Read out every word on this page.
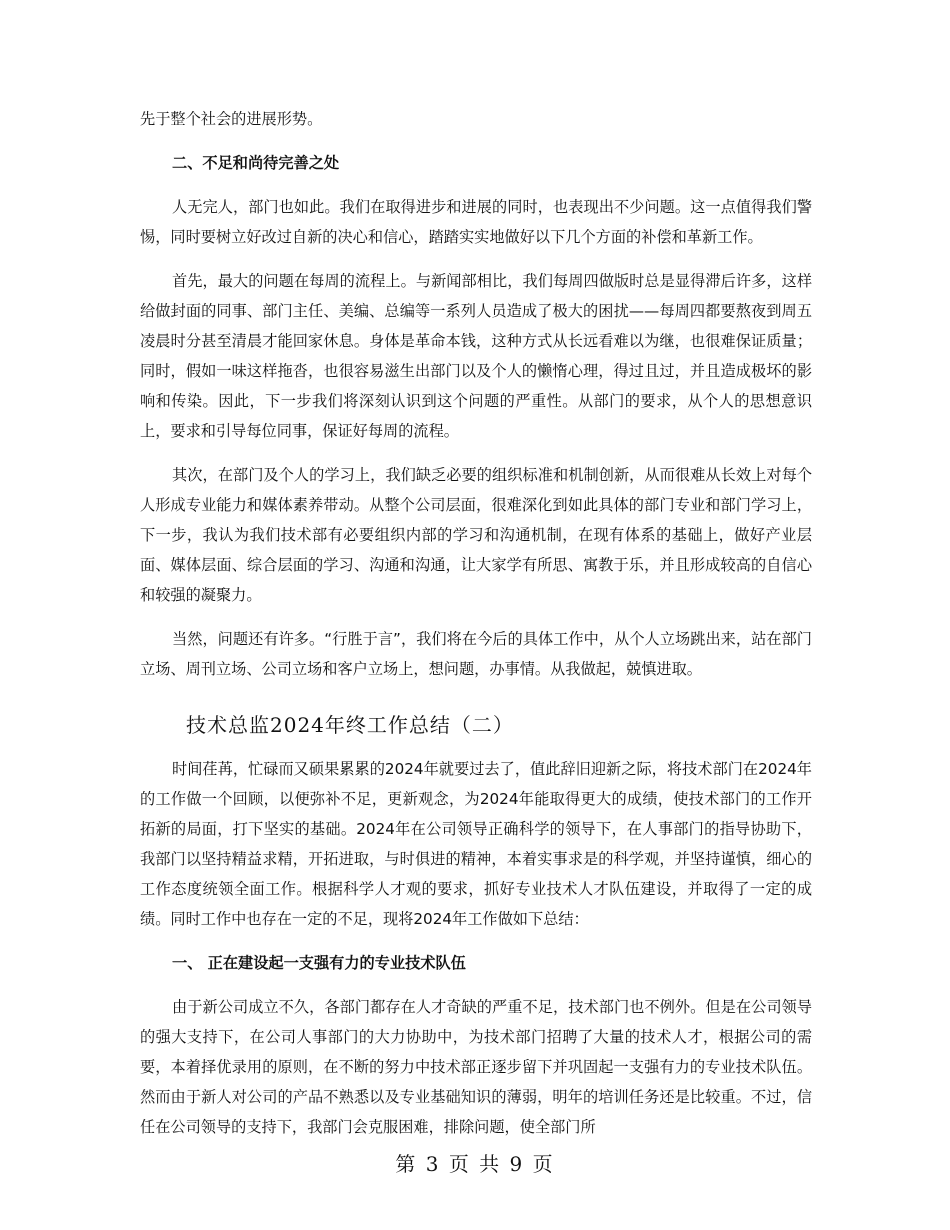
先于整个社会的进展形势。

二、不足和尚待完善之处

人无完人，部门也如此。我们在取得进步和进展的同时，也表现出不少问题。这一点值得我们警惕，同时要树立好改过自新的决心和信心，踏踏实实地做好以下几个方面的补偿和革新工作。

首先，最大的问题在每周的流程上。与新闻部相比，我们每周四做版时总是显得滞后许多，这样给做封面的同事、部门主任、美编、总编等一系列人员造成了极大的困扰——每周四都要熬夜到周五凌晨时分甚至清晨才能回家休息。身体是革命本钱，这种方式从长远看难以为继，也很难保证质量；同时，假如一味这样拖沓，也很容易滋生出部门以及个人的懒惰心理，得过且过，并且造成极坏的影响和传染。因此，下一步我们将深刻认识到这个问题的严重性。从部门的要求，从个人的思想意识上，要求和引导每位同事，保证好每周的流程。

其次，在部门及个人的学习上，我们缺乏必要的组织标准和机制创新，从而很难从长效上对每个人形成专业能力和媒体素养带动。从整个公司层面，很难深化到如此具体的部门专业和部门学习上，下一步，我认为我们技术部有必要组织内部的学习和沟通机制，在现有体系的基础上，做好产业层面、媒体层面、综合层面的学习、沟通和沟通，让大家学有所思、寓教于乐，并且形成较高的自信心和较强的凝聚力。

当然，问题还有许多。“行胜于言”，我们将在今后的具体工作中，从个人立场跳出来，站在部门立场、周刊立场、公司立场和客户立场上，想问题，办事情。从我做起，兢慎进取。

技术总监2024年终工作总结（二）

时间荏苒，忙碌而又硕果累累的2024年就要过去了，值此辞旧迎新之际，将技术部门在2024年的工作做一个回顾，以便弥补不足，更新观念，为2024年能取得更大的成绩，使技术部门的工作开拓新的局面，打下坚实的基础。2024年在公司领导正确科学的领导下，在人事部门的指导协助下，我部门以坚持精益求精，开拓进取，与时俱进的精神，本着实事求是的科学观，并坚持谨慎，细心的工作态度统领全面工作。根据科学人才观的要求，抓好专业技术人才队伍建设，并取得了一定的成绩。同时工作中也存在一定的不足，现将2024年工作做如下总结：

一、 正在建设起一支强有力的专业技术队伍

由于新公司成立不久，各部门都存在人才奇缺的严重不足，技术部门也不例外。但是在公司领导的强大支持下，在公司人事部门的大力协助中，为技术部门招聘了大量的技术人才，根据公司的需要，本着择优录用的原则，在不断的努力中技术部正逐步留下并巩固起一支强有力的专业技术队伍。然而由于新人对公司的产品不熟悉以及专业基础知识的薄弱，明年的培训任务还是比较重。不过，信任在公司领导的支持下，我部门会克服困难，排除问题，使全部门所

第 3 页 共 9 页
